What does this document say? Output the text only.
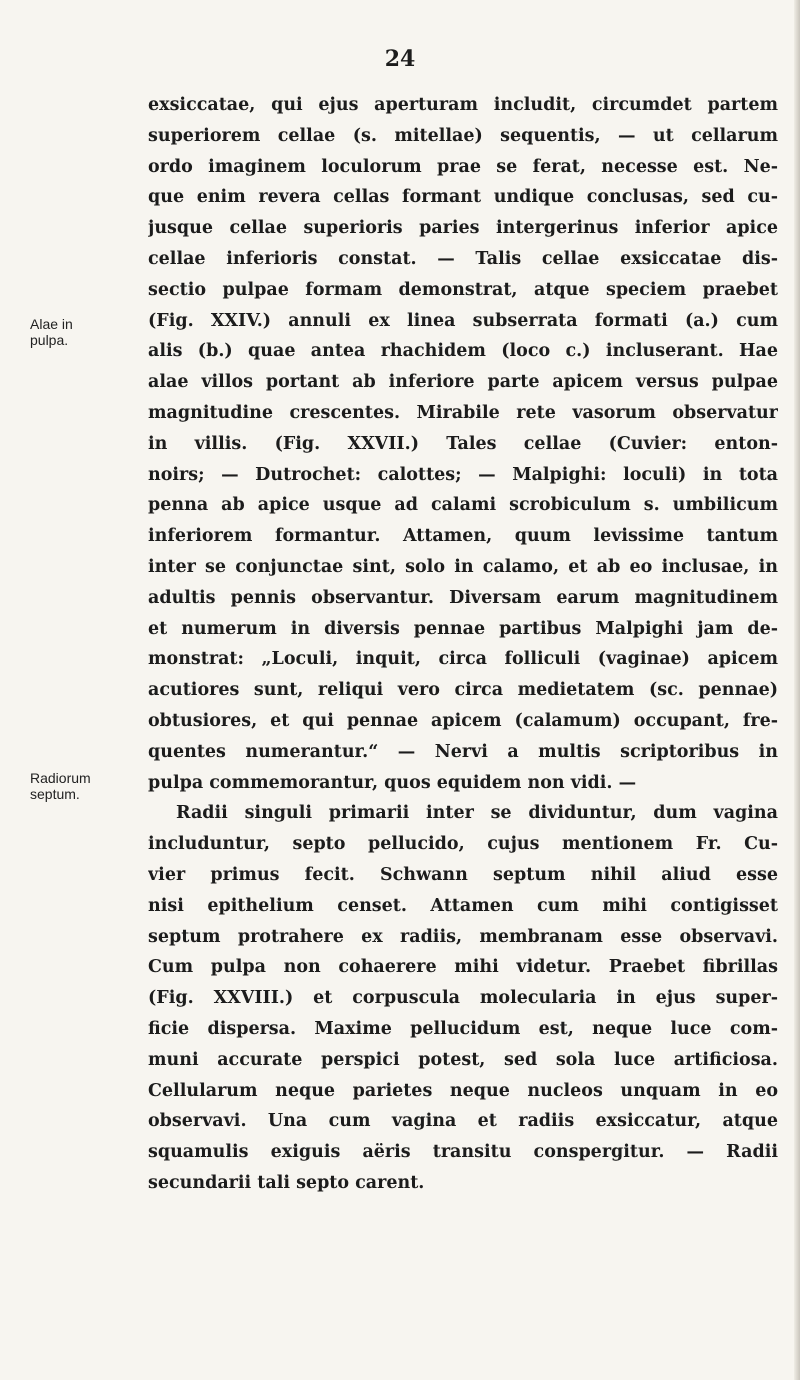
24
Alae in
pulpa.
Radiorum
septum.
exsiccatae, qui ejus aperturam includit, circumdet partem
superiorem cellae (s. mitellae) sequentis, — ut cellarum
ordo imaginem loculorum prae se ferat, necesse est. Ne-
que enim revera cellas formant undique conclusas, sed cu-
jusque cellae superioris paries intergerinus inferior apice
cellae inferioris constat. — Talis cellae exsiccatae dis-
sectio pulpae formam demonstrat, atque speciem praebet
(Fig. XXIV.) annuli ex linea subserrata formati (a.) cum
alis (b.) quae antea rhachidem (loco c.) incluserant. Hae
alae villos portant ab inferiore parte apicem versus pulpae
magnitudine crescentes. Mirabile rete vasorum observatur
in villis. (Fig. XXVII.) Tales cellae (Cuvier: enton-
noirs; — Dutrochet: calottes; — Malpighi: loculi) in tota
penna ab apice usque ad calami scrobiculum s. umbilicum
inferiorem formantur. Attamen, quum levissime tantum
inter se conjunctae sint, solo in calamo, et ab eo inclusae, in
adultis pennis observantur. Diversam earum magnitudinem
et numerum in diversis pennae partibus Malpighi jam de-
monstrat: „Loculi, inquit, circa folliculi (vaginae) apicem
acutiores sunt, reliqui vero circa medietatem (sc. pennae)
obtusiores, et qui pennae apicem (calamum) occupant, fre-
quentes numerantur.“ — Nervi a multis scriptoribus in
pulpa commemorantur, quos equidem non vidi. —
Radii singuli primarii inter se dividuntur, dum vagina
includuntur, septo pellucido, cujus mentionem Fr. Cu-
vier primus fecit. Schwann septum nihil aliud esse
nisi epithelium censet. Attamen cum mihi contigisset
septum protrahere ex radiis, membranam esse observavi.
Cum pulpa non cohaerere mihi videtur. Praebet fibrillas
(Fig. XXVIII.) et corpuscula molecularia in ejus super-
ficie dispersa. Maxime pellucidum est, neque luce com-
muni accurate perspici potest, sed sola luce artificiosa.
Cellularum neque parietes neque nucleos unquam in eo
observavi. Una cum vagina et radiis exsiccatur, atque
squamulis exiguis aëris transitu conspergitur. — Radii
secundarii tali septo carent.
